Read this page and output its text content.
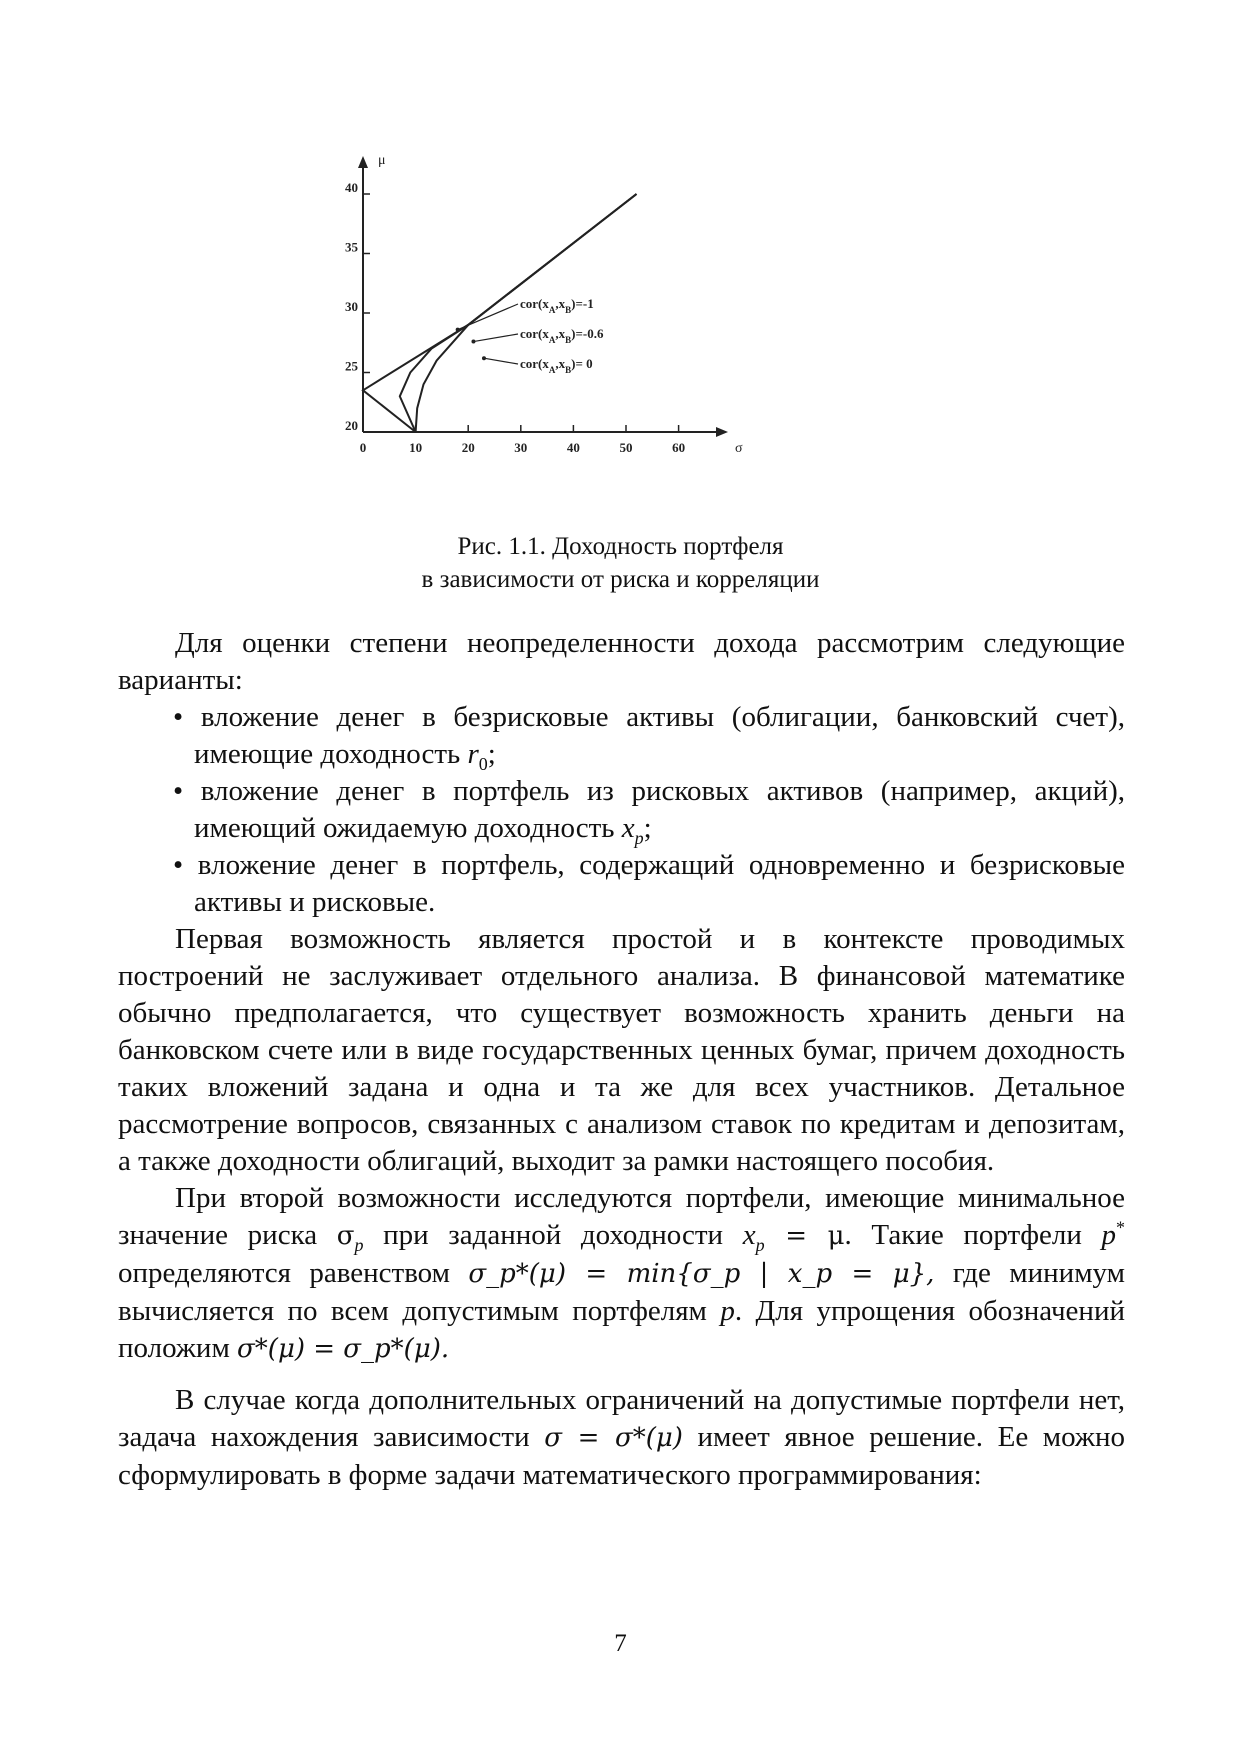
σ
μ
0	10	20	30	40	50	60
20
25
30
35
40
$cor(x_A,x_B)=-1$
$cor(x_A,x_B)=-0.6$
$cor(x_A,x_B)= 0$
Рис. 1.1. Доходность портфеля
в зависимости от риска и корреляции

Для оценки степени неопределенности дохода рассмотрим следующие варианты:

• вложение денег в безрисковые активы (облигации, банковский счет), имеющие доходность $r_0$;

• вложение денег в портфель из рисковых активов (например, акций), имеющий ожидаемую доходность $x_p$;

• вложение денег в портфель, содержащий одновременно и безрисковые активы и рисковые.

Первая возможность является простой и в контексте проводимых построений не заслуживает отдельного анализа. В финансовой математике обычно предполагается, что существует возможность хранить деньги на банковском счете или в виде государственных ценных бумаг, причем доходность таких вложений задана и одна и та же для всех участников. Детальное рассмотрение вопросов, связанных с анализом ставок по кредитам и депозитам, а также доходности облигаций, выходит за рамки настоящего пособия.

При второй возможности исследуются портфели, имеющие минимальное значение риска $\sigma_p$ при заданной доходности $x_p = \mu$. Такие портфели p* определяются равенством σ_p*(μ) = min{σ_p | x_p = μ}, где минимум вычисляется по всем допустимым портфелям p. Для упрощения обозначений положим σ*(μ) = σ_p*(μ).

В случае когда дополнительных ограничений на допустимые портфели нет, задача нахождения зависимости σ = σ*(μ) имеет явное решение. Ее можно сформулировать в форме задачи математического программирования:

7
